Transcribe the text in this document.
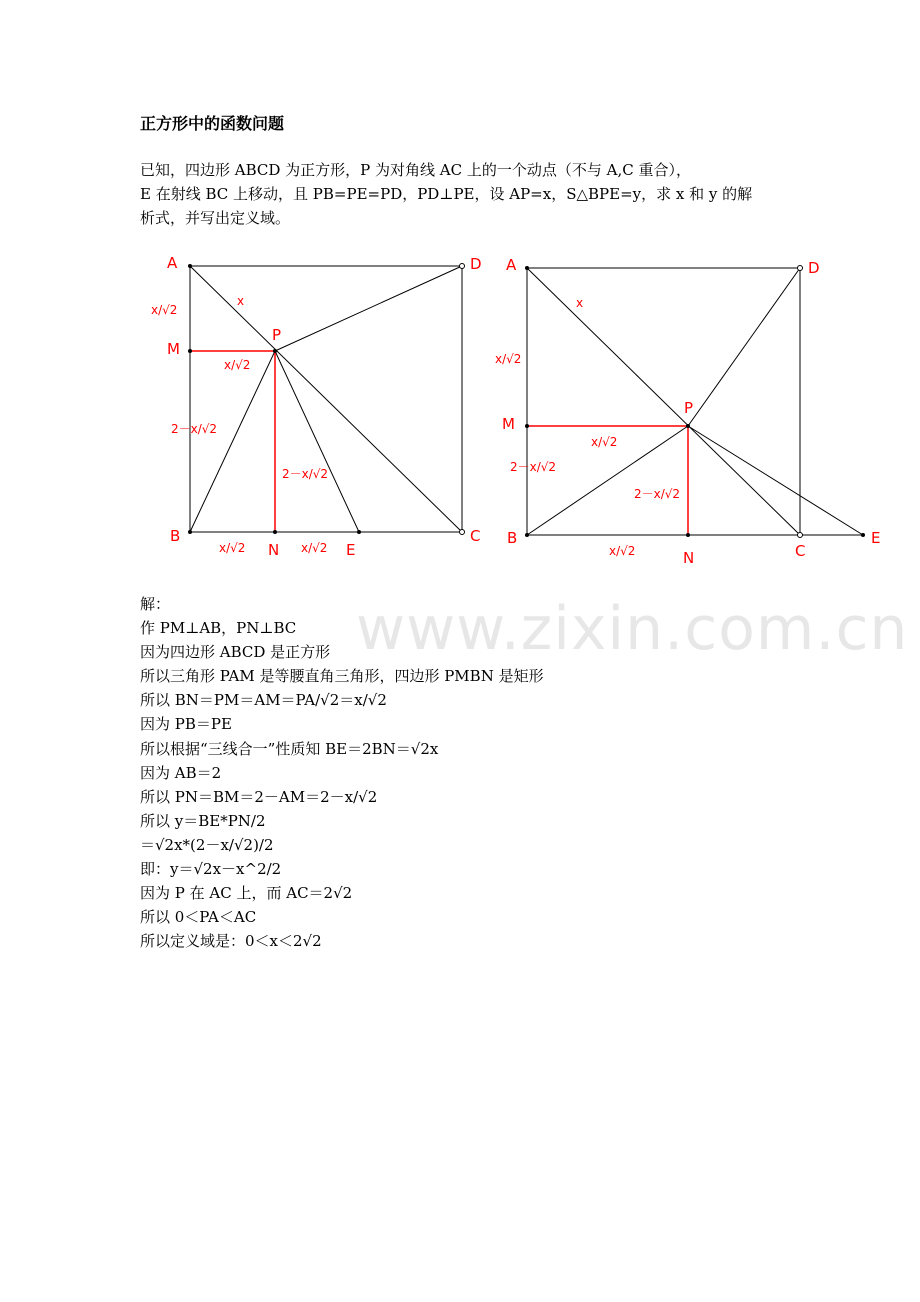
www.zixin.com.cn
正方形中的函数问题
已知，四边形 ABCD 为正方形，P 为对角线 AC 上的一个动点（不与 A,C 重合），
E 在射线 BC 上移动，且 PB=PE=PD，PD⊥PE，设 AP=x，S△BPE=y，求 x 和 y 的解
析式，并写出定义域。
A	D
M
P
B
N	E
C
x
x/√2
x/√2
2－x/√2
2－x/√2
x/√2	x/√2
A	D
M
P
B
N	C
E
x
x/√2
x/√2
2－x/√2
2－x/√2
x/√2
解：
作 PM⊥AB，PN⊥BC
因为四边形 ABCD 是正方形
所以三角形 PAM 是等腰直角三角形，四边形 PMBN 是矩形
所以 BN＝PM＝AM＝PA/√2＝x/√2
因为 PB＝PE
所以根据“三线合一”性质知 BE＝2BN＝√2x
因为 AB＝2
所以 PN＝BM＝2－AM＝2－x/√2
所以 y＝BE*PN/2
＝√2x*(2－x/√2)/2
即：y＝√2x－x^2/2
因为 P 在 AC 上，而 AC＝2√2
所以 0＜PA＜AC
所以定义域是：0＜x＜2√2
